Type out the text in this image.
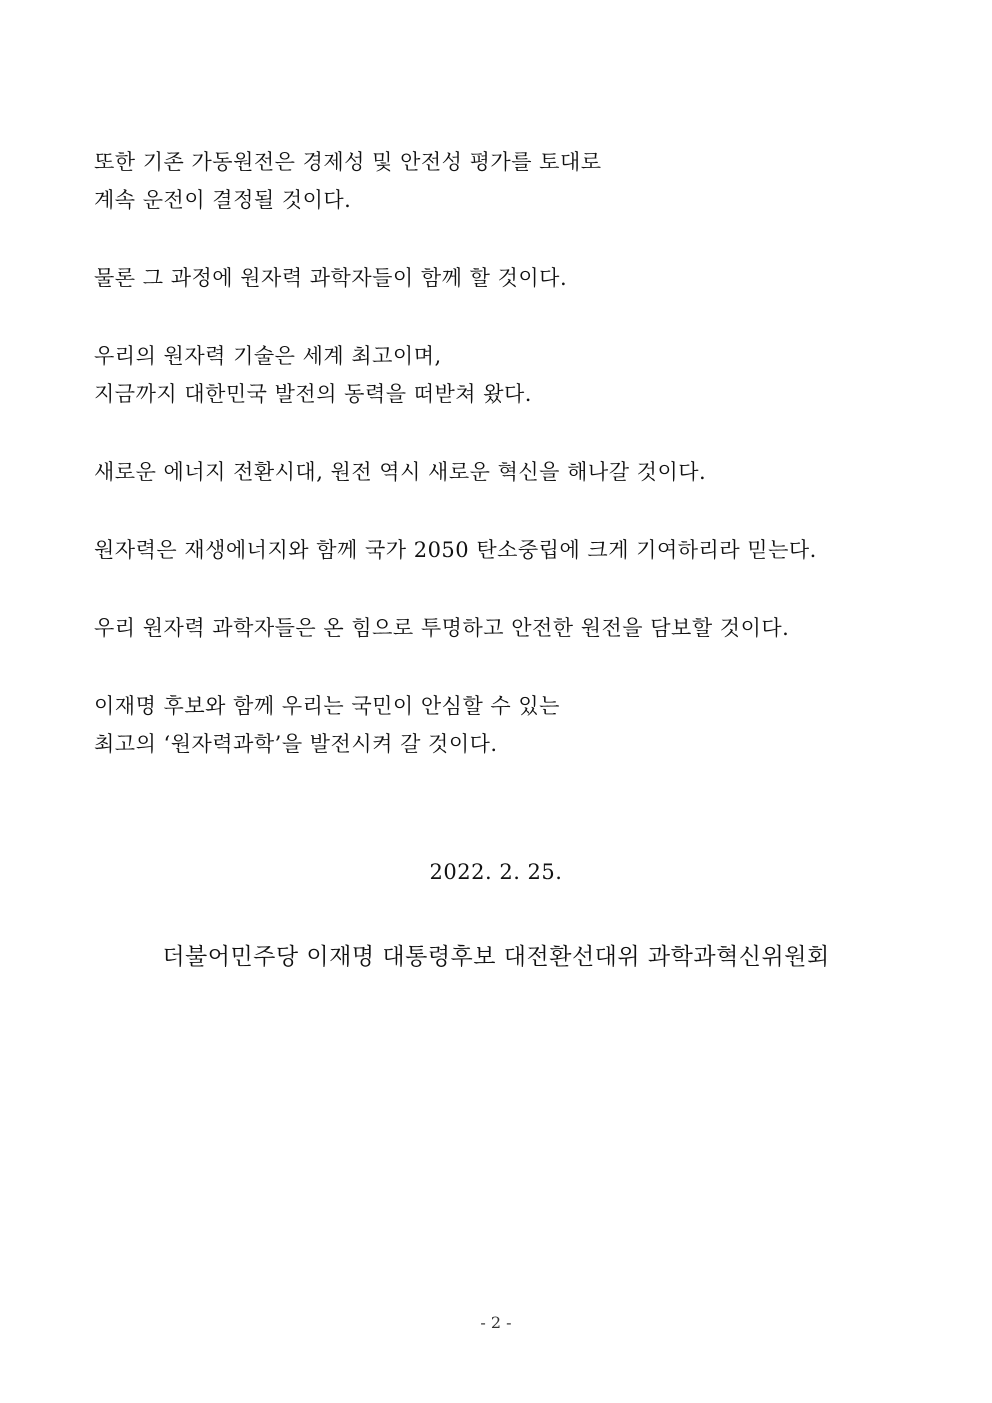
또한 기존 가동원전은 경제성 및 안전성 평가를 토대로
계속 운전이 결정될 것이다.
물론 그 과정에 원자력 과학자들이 함께 할 것이다.
우리의 원자력 기술은 세계 최고이며,
지금까지 대한민국 발전의 동력을 떠받쳐 왔다.
새로운 에너지 전환시대, 원전 역시 새로운 혁신을 해나갈 것이다.
원자력은 재생에너지와 함께 국가 2050 탄소중립에 크게 기여하리라 믿는다.
우리 원자력 과학자들은 온 힘으로 투명하고 안전한 원전을 담보할 것이다.
이재명 후보와 함께 우리는 국민이 안심할 수 있는
최고의 ‘원자력과학’을 발전시켜 갈 것이다.
2022. 2. 25.
더불어민주당 이재명 대통령후보 대전환선대위 과학과혁신위원회
- 2 -
